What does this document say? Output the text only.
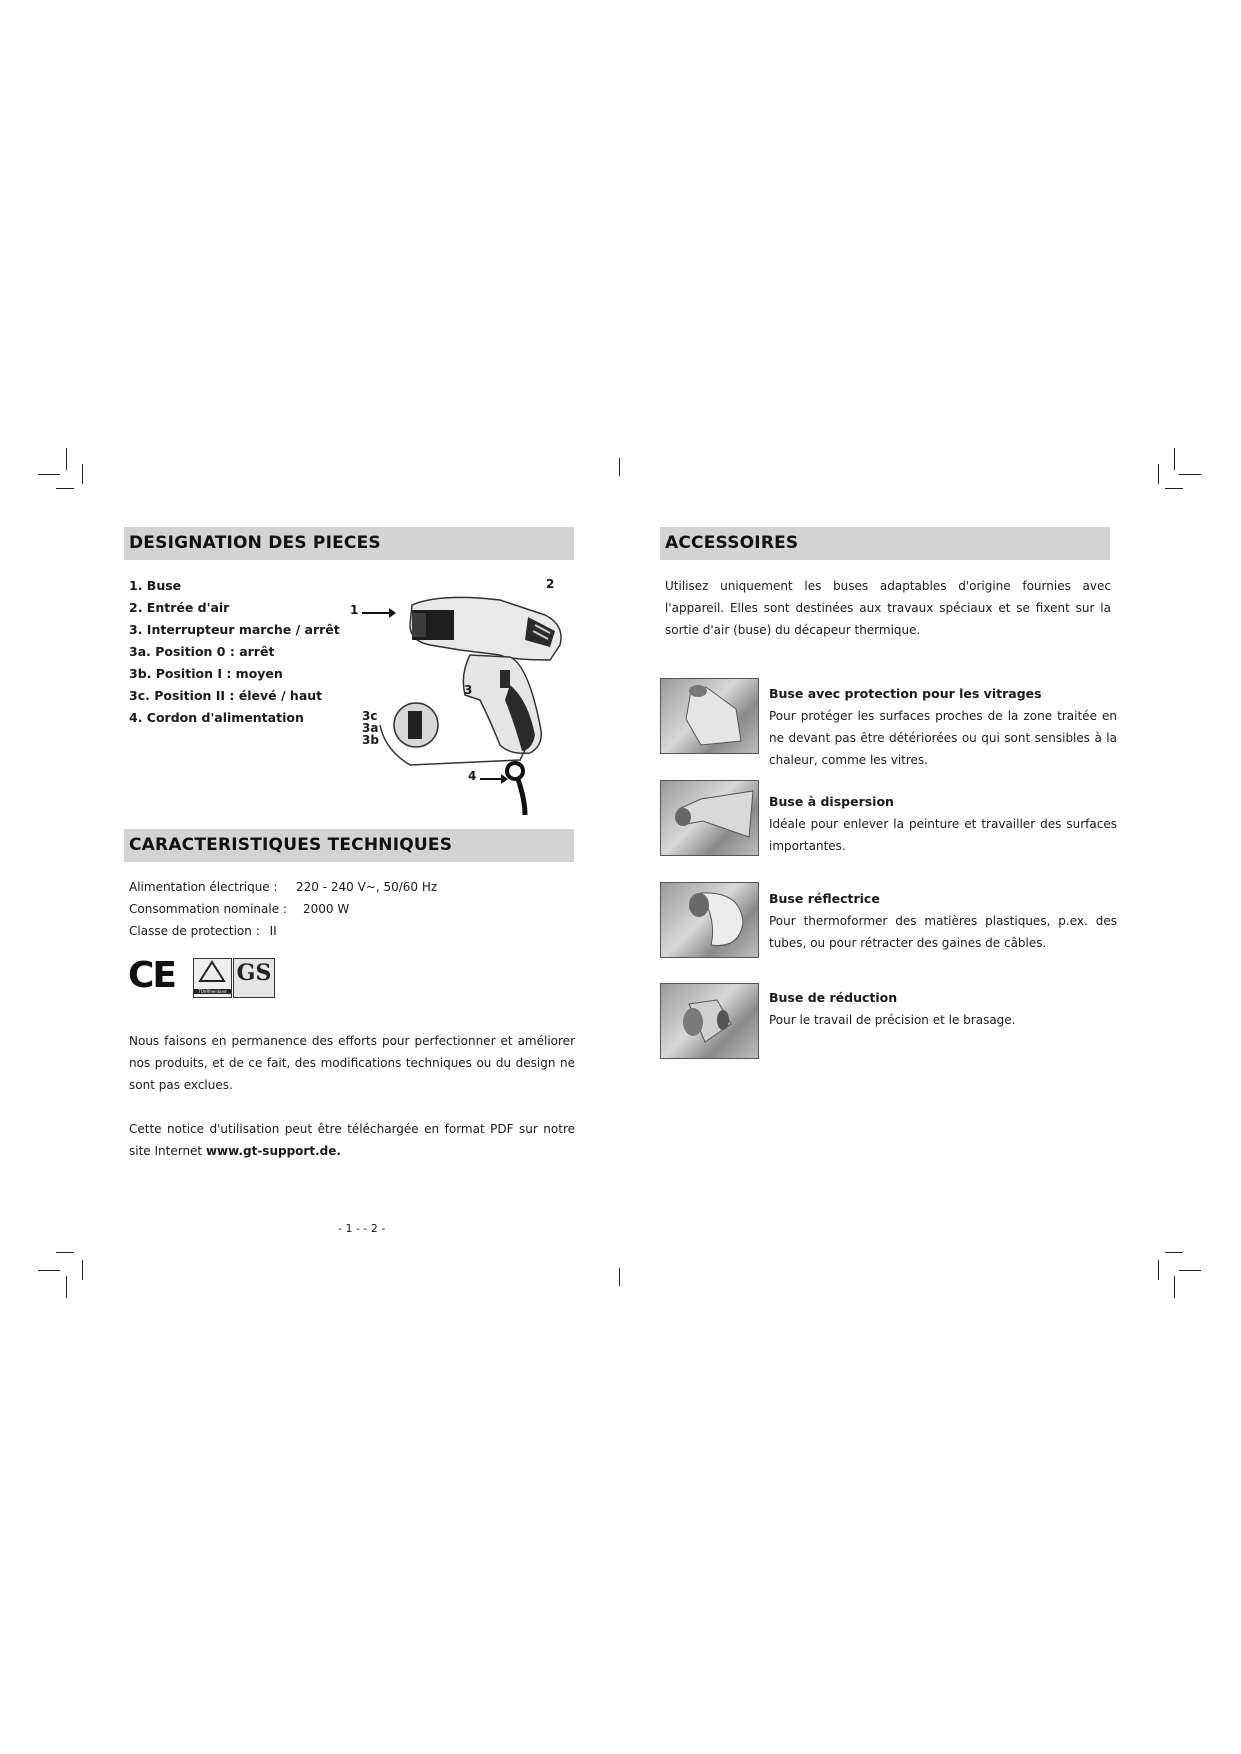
DESIGNATION DES PIECES
1. Buse
2. Entrée d'air
3. Interrupteur marche / arrêt
3a. Position 0 : arrêt
3b. Position I : moyen
3c. Position II : élevé / haut
4. Cordon d'alimentation
1
2
3
3c
3a
3b
4
CARACTERISTIQUES TECHNIQUES
Alimentation électrique : 220 - 240 V~, 50/60 Hz
Consommation nominale : 2000 W
Classe de protection : II
CE	TÜVRheinland
GS

Nous faisons en permanence des efforts pour perfectionner et améliorer nos produits, et de ce fait, des modifications techniques ou du design ne sont pas exclues.

Cette notice d'utilisation peut être téléchargée en format PDF sur notre site Internet www.gt-support.de.

- 1 - - 2 -
ACCESSOIRES

Utilisez uniquement les buses adaptables d'origine fournies avec l'appareil. Elles sont destinées aux travaux spéciaux et se fixent sur la sortie d'air (buse) du décapeur thermique.

Buse avec protection pour les vitrages
Pour protéger les surfaces proches de la zone traitée en ne devant pas être détériorées ou qui sont sensibles à la chaleur, comme les vitres.
Buse à dispersion
Idéale pour enlever la peinture et travailler des surfaces importantes.
Buse réflectrice
Pour thermoformer des matières plastiques, p.ex. des tubes, ou pour rétracter des gaines de câbles.
Buse de réduction
Pour le travail de précision et le brasage.
